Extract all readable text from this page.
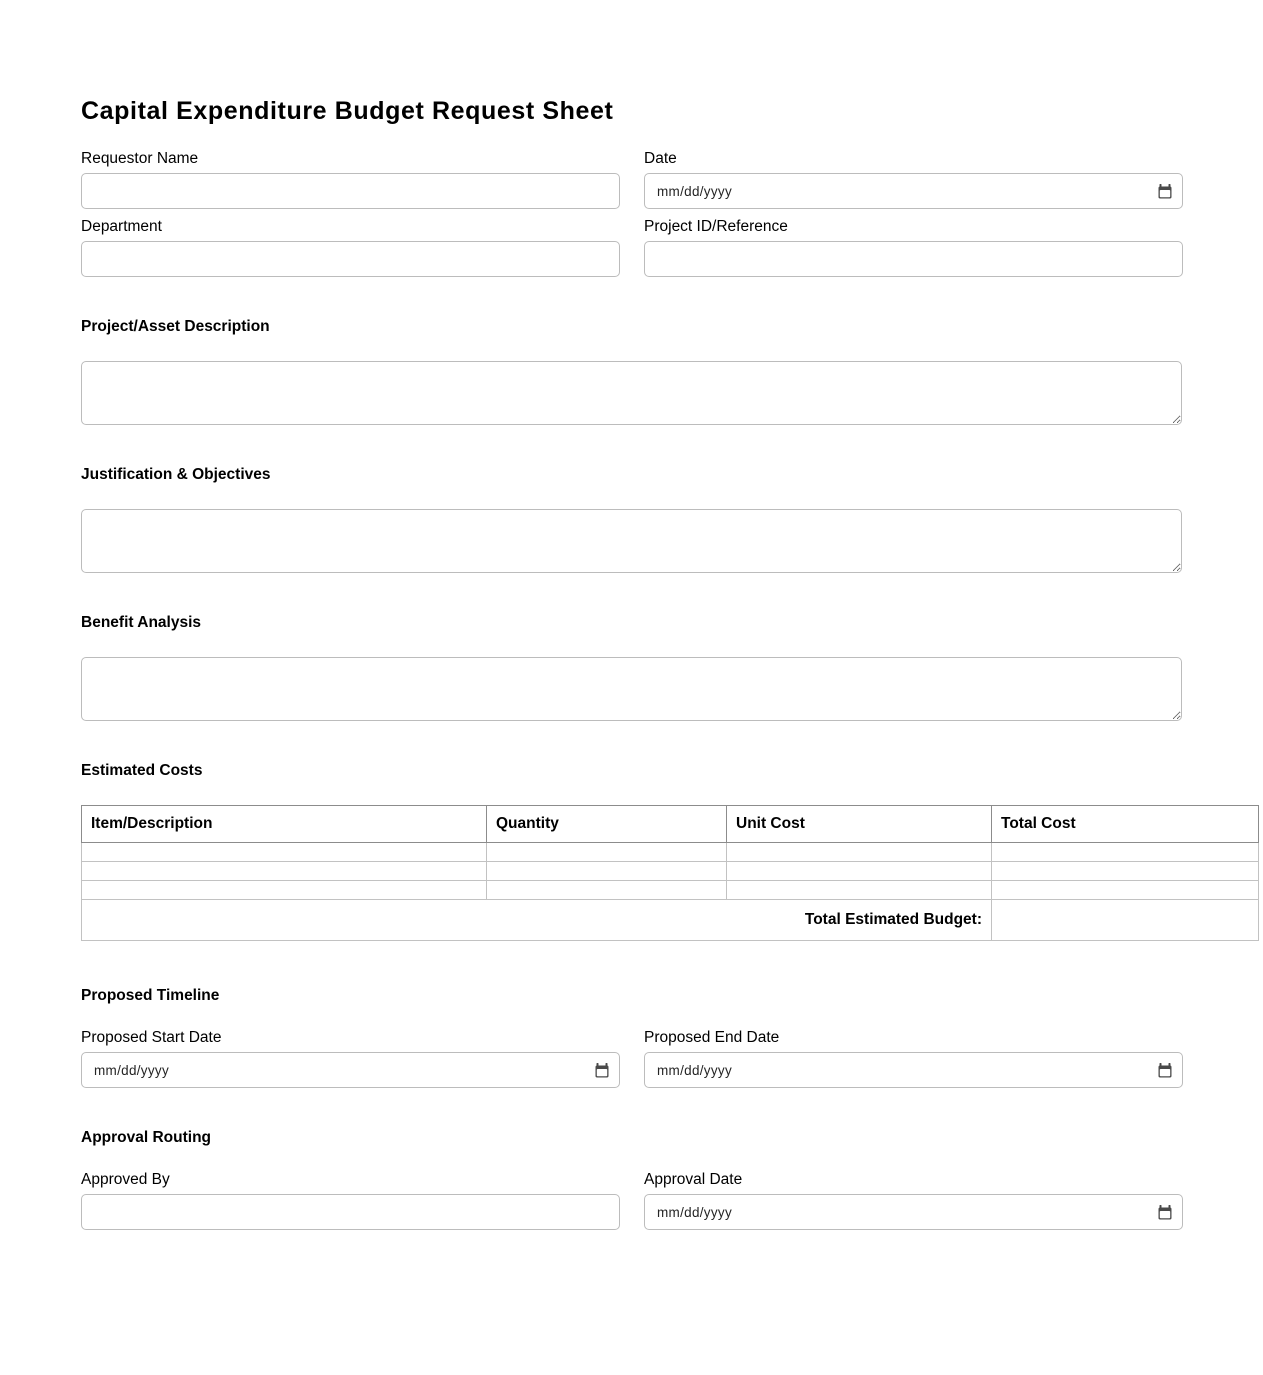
Capital Expenditure Budget Request Sheet
Requestor Name	Date
mm/dd/yyyy
Department	Project ID/Reference
Project/Asset Description
Justification & Objectives
Benefit Analysis
Estimated Costs
Item/Description	Quantity	Unit Cost	Total Cost

Total Estimated Budget:			
Proposed Timeline
Proposed Start Date
mm/dd/yyyy
Proposed End Date
mm/dd/yyyy
Approval Routing
Approved By	Approval Date
mm/dd/yyyy
